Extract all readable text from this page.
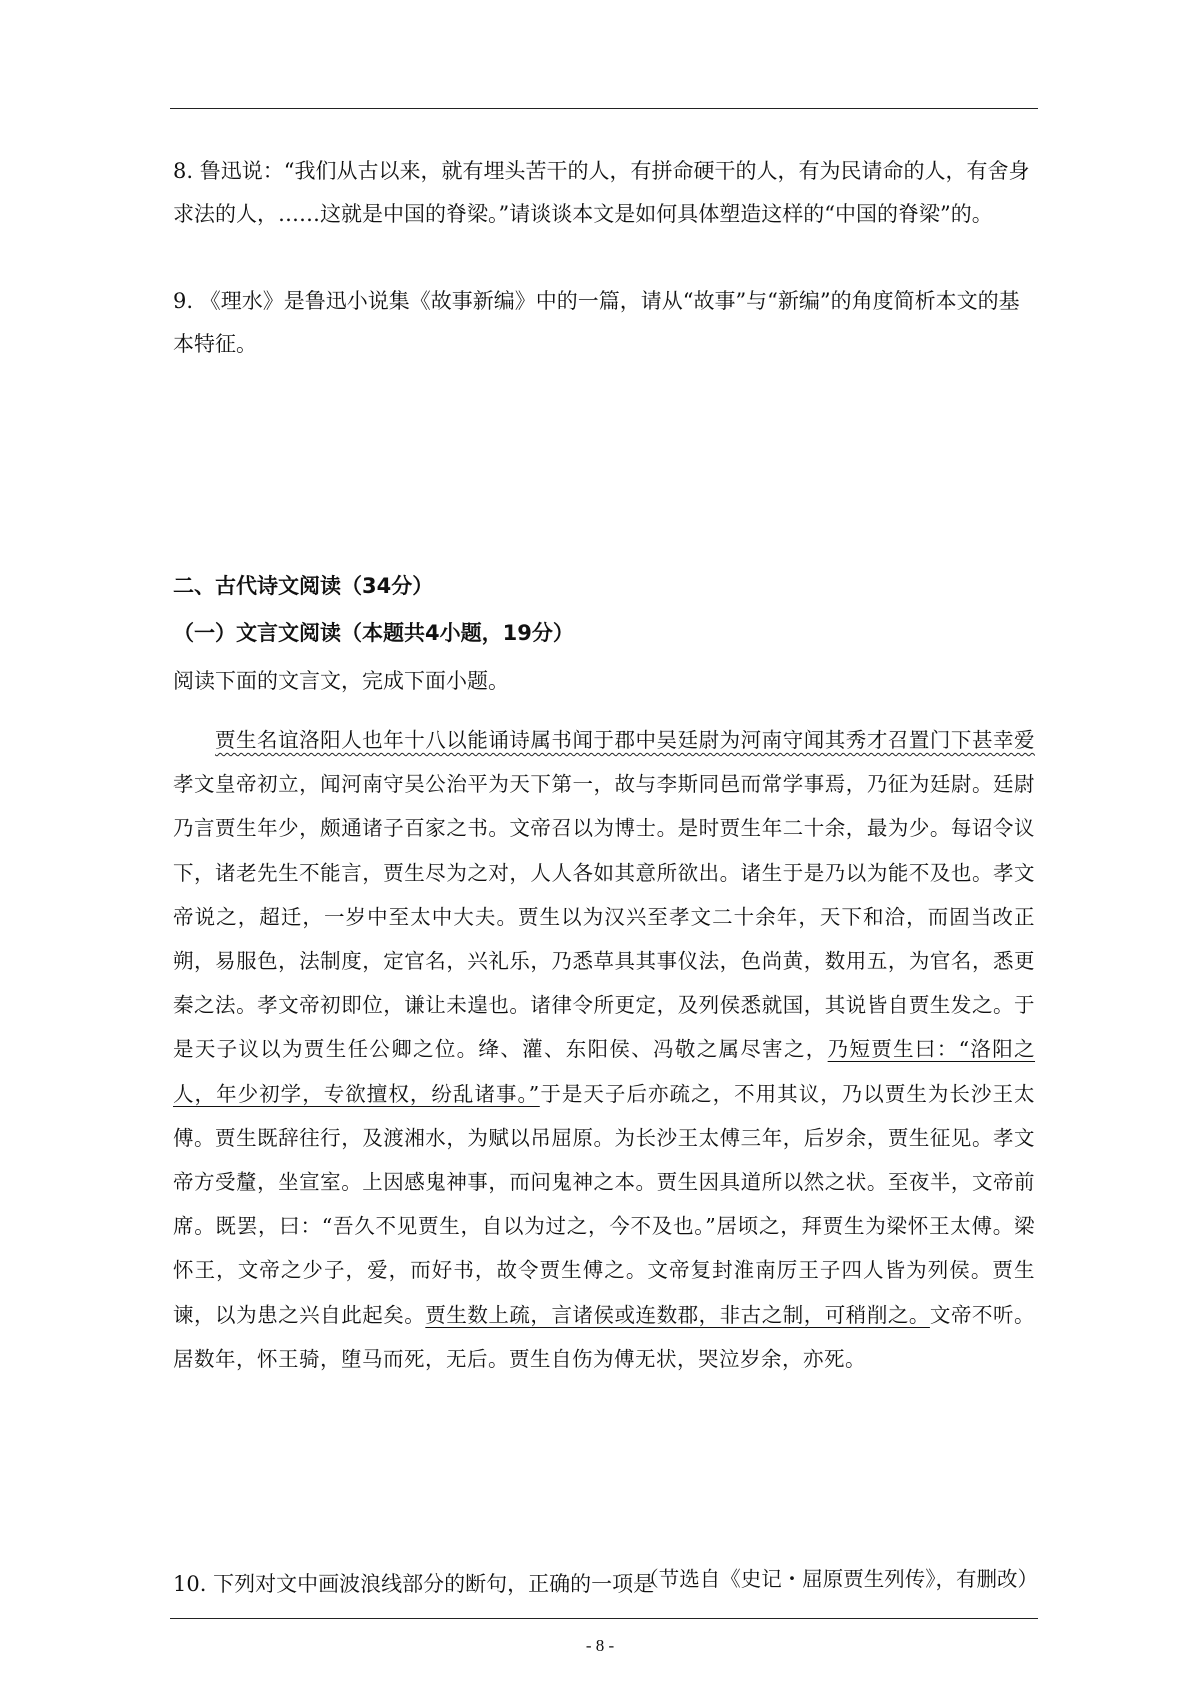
8. 鲁迅说：“我们从古以来，就有埋头苦干的人，有拼命硬干的人，有为民请命的人，有舍身求法的人，……这就是中国的脊梁。”请谈谈本文是如何具体塑造这样的“中国的脊梁”的。

9. 《理水》是鲁迅小说集《故事新编》中的一篇，请从“故事”与“新编”的角度简析本文的基本特征。

二、古代诗文阅读（34分）
（一）文言文阅读（本题共4小题，19分）
阅读下面的文言文，完成下面小题。

贾生名谊洛阳人也年十八以能诵诗属书闻于郡中吴廷尉为河南守闻其秀才召置门下甚幸爱孝文皇帝初立，闻河南守吴公治平为天下第一，故与李斯同邑而常学事焉，乃征为廷尉。廷尉乃言贾生年少，颇通诸子百家之书。文帝召以为博士。是时贾生年二十余，最为少。每诏令议下，诸老先生不能言，贾生尽为之对，人人各如其意所欲出。诸生于是乃以为能不及也。孝文帝说之，超迁，一岁中至太中大夫。贾生以为汉兴至孝文二十余年，天下和洽，而固当改正朔，易服色，法制度，定官名，兴礼乐，乃悉草具其事仪法，色尚黄，数用五，为官名，悉更秦之法。孝文帝初即位，谦让未遑也。诸律令所更定，及列侯悉就国，其说皆自贾生发之。于是天子议以为贾生任公卿之位。绛、灌、东阳侯、冯敬之属尽害之，乃短贾生曰：“洛阳之人，年少初学，专欲擅权，纷乱诸事。”于是天子后亦疏之，不用其议，乃以贾生为长沙王太傅。贾生既辞往行，及渡湘水，为赋以吊屈原。为长沙王太傅三年，后岁余，贾生征见。孝文帝方受釐，坐宣室。上因感鬼神事，而问鬼神之本。贾生因具道所以然之状。至夜半，文帝前席。既罢，曰：“吾久不见贾生，自以为过之，今不及也。”居顷之，拜贾生为梁怀王太傅。梁怀王，文帝之少子，爱，而好书，故令贾生傅之。文帝复封淮南厉王子四人皆为列侯。贾生谏，以为患之兴自此起矣。贾生数上疏，言诸侯或连数郡，非古之制，可稍削之。文帝不听。居数年，怀王骑，堕马而死，无后。贾生自伤为傅无状，哭泣岁余，亦死。

（节选自《史记・屈原贾生列传》，有删改）
10. 下列对文中画波浪线部分的断句，正确的一项是
- 8 -
